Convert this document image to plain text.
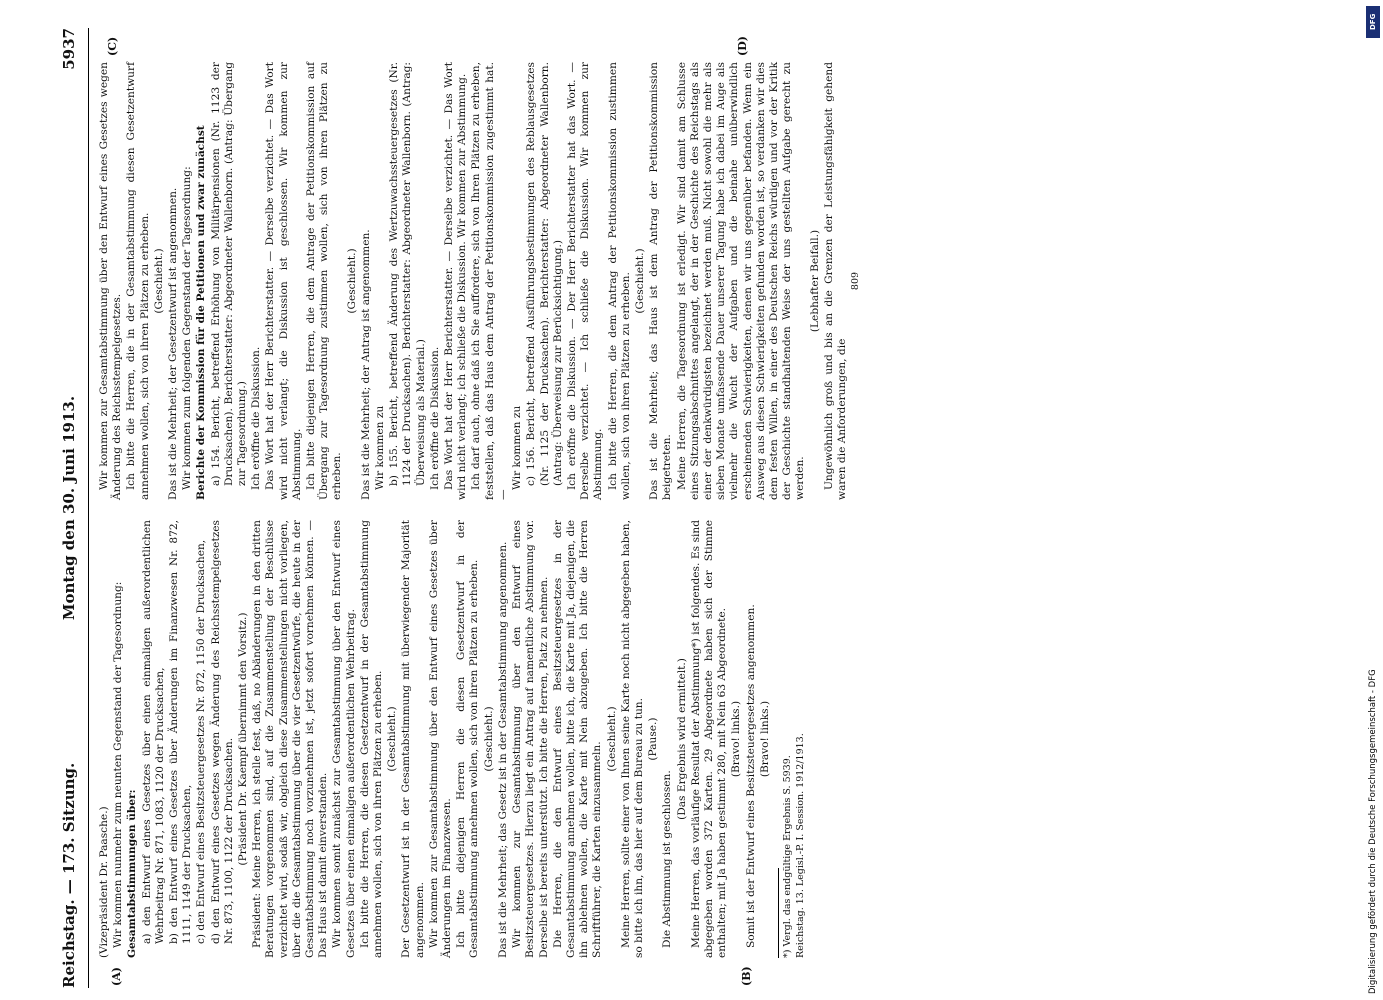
Reichstag. — 173. Sitzung.
Montag den 30. Juni 1913.
5937
(A)	(B)
(C)	(D)

(Vizepräsident Dr. Paasche.) Wir kommen nunmehr zum neunten Gegenstand der Tagesordnung: Gesamtabstimmungen über: a) den Entwurf eines Gesetzes über einen einmaligen außerordentlichen Wehrbeitrag Nr. 871, 1083, 1120 der Drucksachen, b) den Entwurf eines Gesetzes über Änderungen im Finanzwesen Nr. 872, 1111, 1149 der Drucksachen, c) den Entwurf eines Besitzsteuergesetzes Nr. 872, 1150 der Drucksachen, d) den Entwurf eines Gesetzes wegen Änderung des Reichsstempelgesetzes Nr. 873, 1100, 1122 der Drucksachen. (Präsident Dr. Kaempf übernimmt den Vorsitz.) Präsident: Meine Herren, ich stelle fest, daß, no Abänderungen in den dritten Beratungen vorgenommen sind, auf die Zusammenstellung der Beschlüsse verzichtet wird, sodaß wir, obgleich diese Zusammenstellungen nicht vorliegen, über die die Gesamtabstimmung über die vier Gesetzentwürfe, die heute in der Gesamtabstimmung noch vorzunehmen ist, jetzt sofort vornehmen können. — Das Haus ist damit einverstanden. Wir kommen somit zunächst zur Gesamtabstimmung über den Entwurf eines Gesetzes über einen einmaligen außerordentlichen Wehrbeitrag. Ich bitte die Herren, die diesen Gesetzentwurf in der Gesamtabstimmung annehmen wollen, sich von ihren Plätzen zu erheben. (Geschieht.) Der Gesetzentwurf ist in der Gesamtabstimmung mit überwiegender Majorität angenommen. Wir kommen zur Gesamtabstimmung über den Entwurf eines Gesetzes über Änderungen im Finanzwesen. Ich bitte diejenigen Herren die diesen Gesetzentwurf in der Gesamtabstimmung annehmen wollen, sich von ihren Plätzen zu erheben. (Geschieht.) Das ist die Mehrheit; das Gesetz ist in der Gesamtabstimmung angenommen. Wir kommen zur Gesamtabstimmung über den Entwurf eines Besitzsteuergesetzes. Hierzu liegt ein Antrag auf namentliche Abstimmung vor. Derselbe ist bereits unterstützt. Ich bitte die Herren, Platz zu nehmen. Die Herren, die den Entwurf eines Besitzsteuergesetzes in der Gesamtabstimmung annehmen wollen, bitte ich, die Karte mit Ja, diejenigen, die ihn ablehnen wollen, die Karte mit Nein abzugeben. Ich bitte die Herren Schriftführer, die Karten einzusammeln.

(Geschieht.) Meine Herren, sollte einer von Ihnen seine Karte noch nicht abgegeben haben, so bitte ich ihn, das hier auf dem Bureau zu tun. (Pause.)

Die Abstimmung ist geschlossen.

(Das Ergebnis wird ermittelt.) Meine Herren, das vorläufige Resultat der Abstimmung*) ist folgendes. Es sind abgegeben worden 372 Karten. 29 Abgeordnete haben sich der Stimme enthalten; mit Ja haben gestimmt 280, mit Nein 63 Abgeordnete. (Bravo! links.) Somit ist der Entwurf eines Besitzsteuergesetzes angenommen. (Bravo! links.)

*) Vergl. das endgültige Ergebnis S. 5939. Reichstag. 13. Legisl.-P. I. Session. 1912/1913.

Wir kommen zur Gesamtabstimmung über den Entwurf eines Gesetzes wegen Änderung des Reichsstempelgesetzes. Ich bitte die Herren, die in der Gesamtabstimmung diesen Gesetzentwurf annehmen wollen, sich von ihren Plätzen zu erheben. (Geschieht.) Das ist die Mehrheit; der Gesetzentwurf ist angenommen. Wir kommen zum folgenden Gegenstand der Tagesordnung: Berichte der Kommission für die Petitionen und zwar zunächst a) 154. Bericht, betreffend Erhöhung von Militärpensionen (Nr. 1123 der Drucksachen). Berichterstatter: Abgeordneter Wallenborn. (Antrag: Übergang zur Tagesordnung.) Ich eröffne die Diskussion. Das Wort hat der Herr Berichterstatter. — Derselbe verzichtet. — Das Wort wird nicht verlangt; die Diskussion ist geschlossen. Wir kommen zur Abstimmung. Ich bitte diejenigen Herren, die dem Antrage der Petitionskommission auf Übergang zur Tagesordnung zustimmen wollen, sich von ihren Plätzen zu erheben.

(Geschieht.) Das ist die Mehrheit; der Antrag ist angenommen. Wir kommen zu b) 155. Bericht, betreffend Änderung des Wertzuwachssteuergesetzes (Nr. 1124 der Drucksachen). Berichterstatter: Abgeordneter Wallenborn. (Antrag: Überweisung als Material.) Ich eröffne die Diskussion. Das Wort hat der Herr Berichterstatter. — Derselbe verzichtet. — Das Wort wird nicht verlangt; ich schließe die Diskussion. Wir kommen zur Abstimmung. Ich darf auch, ohne daß ich Sie auffordere, sich von Ihren Plätzen zu erheben, feststellen, daß das Haus dem Antrag der Petitionskommission zugestimmt hat. —

Wir kommen zu c) 156. Bericht, betreffend Ausführungsbestimmungen des Reblausgesetzes (Nr. 1125 der Drucksachen). Berichterstatter: Abgeordneter Wallenborn. (Antrag: Überweisung zur Berücksichtigung.) Ich eröffne die Diskussion. — Der Herr Berichterstatter hat das Wort. — Derselbe verzichtet. — Ich schließe die Diskussion. Wir kommen zur Abstimmung. Ich bitte die Herren, die dem Antrag der Petitionskommission zustimmen wollen, sich von ihren Plätzen zu erheben. (Geschieht.) Das ist die Mehrheit; das Haus ist dem Antrag der Petitionskommission beigetreten. Meine Herren, die Tagesordnung ist erledigt. Wir sind damit am Schlusse eines Sitzungsabschnittes angelangt, der in der Geschichte des Reichstags als einer der denkwürdigsten bezeichnet werden muß. Nicht sowohl die mehr als sieben Monate umfassende Dauer unserer Tagung habe ich dabei im Auge als vielmehr die Wucht der Aufgaben und die beinahe unüberwindlich erscheinenden Schwierigkeiten, denen wir uns gegenüber befanden. Wenn ein Ausweg aus diesen Schwierigkeiten gefunden worden ist, so verdanken wir dies dem festen Willen, in einer des Deutschen Reichs würdigen und vor der Kritik der Geschichte standhaltenden Weise der uns gestellten Aufgabe gerecht zu werden.

(Lebhafter Beifall.) Ungewöhnlich groß und bis an die Grenzen der Leistungsfähigkeit gehend waren die Anforderungen, die

809

DFG
Digitalisierung gefördert durch die Deutsche Forschungsgemeinschaft - DFG
